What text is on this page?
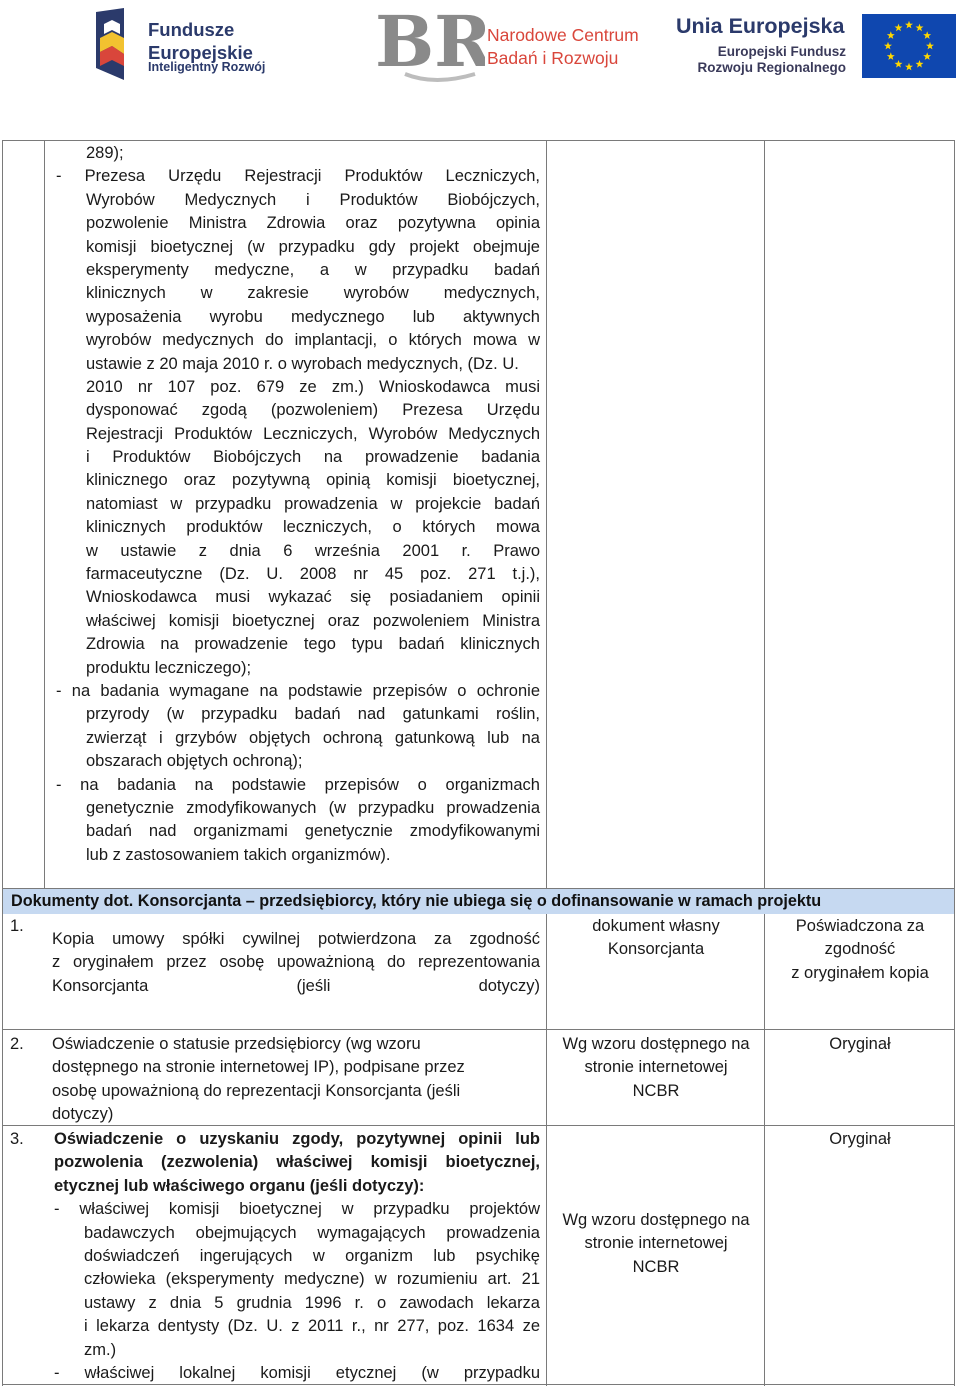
Fundusze
Europejskie
Inteligentny Rozwój BR
Narodowe Centrum
Badań i Rozwoju
Unia Europejska
Europejski Fundusz
Rozwoju Regionalnego
Dokumenty dot. Konsorcjanta – przedsiębiorcy, który nie ubiega się o dofinansowanie w ramach projektu
289);
- Prezesa Urzędu Rejestracji Produktów Leczniczych,
Wyrobów Medycznych i Produktów Biobójczych,
pozwolenie Ministra Zdrowia oraz pozytywna opinia
komisji bioetycznej (w przypadku gdy projekt obejmuje
eksperymenty medyczne, a w przypadku badań
klinicznych w zakresie wyrobów medycznych,
wyposażenia wyrobu medycznego lub aktywnych
wyrobów medycznych do implantacji, o których mowa w
ustawie z 20 maja 2010 r. o wyrobach medycznych, (Dz. U.
2010 nr 107 poz. 679 ze zm.) Wnioskodawca musi
dysponować zgodą (pozwoleniem) Prezesa Urzędu
Rejestracji Produktów Leczniczych, Wyrobów Medycznych
i Produktów Biobójczych na prowadzenie badania
klinicznego oraz pozytywną opinią komisji bioetycznej,
natomiast w przypadku prowadzenia w projekcie badań
klinicznych produktów leczniczych, o których mowa
w ustawie z dnia 6 września 2001 r. Prawo
farmaceutyczne (Dz. U. 2008 nr 45 poz. 271 t.j.),
Wnioskodawca musi wykazać się posiadaniem opinii
właściwej komisji bioetycznej oraz pozwoleniem Ministra
Zdrowia na prowadzenie tego typu badań klinicznych
produktu leczniczego);
- na badania wymagane na podstawie przepisów o ochronie
przyrody (w przypadku badań nad gatunkami roślin,
zwierząt i grzybów objętych ochroną gatunkową lub na
obszarach objętych ochroną);
- na badania na podstawie przepisów o organizmach
genetycznie zmodyfikowanych (w przypadku prowadzenia
badań nad organizmami genetycznie zmodyfikowanymi
lub z zastosowaniem takich organizmów).
1.
Kopia umowy spółki cywilnej potwierdzona za zgodność
z oryginałem przez osobę upoważnioną do reprezentowania
Konsorcjanta (jeśli dotyczy)
dokument własny
Konsorcjanta
Poświadczona za
zgodność
z oryginałem kopia
2. Oświadczenie o statusie przedsiębiorcy (wg wzoru
dostępnego na stronie internetowej IP), podpisane przez
osobę upoważnioną do reprezentacji Konsorcjanta (jeśli
dotyczy)
Wg wzoru dostępnego na
stronie internetowej
NCBR
Oryginał
3. Oświadczenie o uzyskaniu zgody, pozytywnej opinii lub
pozwolenia (zezwolenia) właściwej komisji bioetycznej,
etycznej lub właściwego organu (jeśli dotyczy):
- właściwej komisji bioetycznej w przypadku projektów
badawczych obejmujących wymagających prowadzenia
doświadczeń ingerujących w organizm lub psychikę
człowieka (eksperymenty medyczne) w rozumieniu art. 21
ustawy z dnia 5 grudnia 1996 r. o zawodach lekarza
i lekarza dentysty (Dz. U. z 2011 r., nr 277, poz. 1634 ze
zm.)
- właściwej lokalnej komisji etycznej (w przypadku
Wg wzoru dostępnego na
stronie internetowej
NCBR
Oryginał
